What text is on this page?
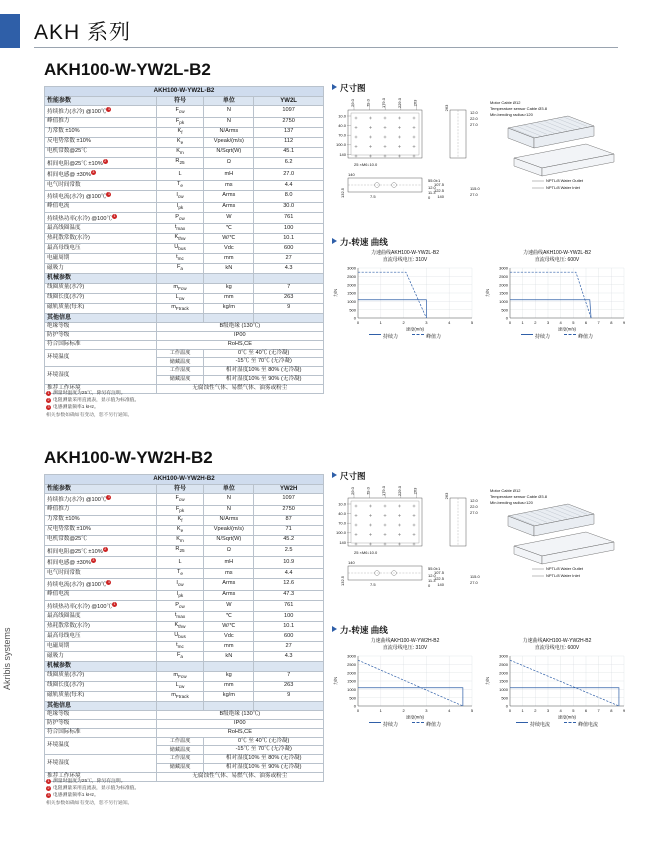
AKH 系列
Akribis systems
AKH100-W-YW2L-B2
AKH100-W-YW2L-B2			
性能参数	符号	单位	YW2L
持续推力(水冷) @100℃ 1	$F_{cw}$	N	1097
峰值推力	$F_{pk}$	N	2750
力常数 ±10%	$K_f$	N/Arms	137
反电势常数 ±10%	$K_e$	Vpeak/(m/s)	112
电机常数@25℃	$K_m$	N/Sqrt(W)	45.1
相间电阻@25℃ ±10% 2	$R_{25}$	Ω	6.2
相间电感@ ±30% 3	L	mH	27.0
电气时间常数	$T_e$	ms	4.4
持续电流(水冷) @100℃ 1	$I_{cw}$	Arms	8.0
峰值电流	$I_{pk}$	Arms	30.0
持续热功率(水冷) @100℃ 1	$P_{cw}$	W	761
最高线圈温度	$t_{max}$	℃	100
热耗散常数(水冷)	$K_{thw}$	W/℃	10.1
最高母线电压	$U_{bus}$	Vdc	600
电磁周期	$t_{mc}$	mm	27
磁吸力	$F_a$	kN	4.3
机械参数			
线圈质量(水冷)	$m_{Fcw}$	kg	7
线圈长度(水冷)	$L_{cw}$	mm	263
磁轨质量(每米)	$m_{Ftrack}$	kg/m	9
其他信息			
绝缘等级	B级绝缘 (130℃)		
防护等级	IP00		
符合国际标准	RoHS,CE		
环境温度	工作温度	0℃ 至 40℃ (无冷凝)	
	储藏温度	-15℃ 至 70℃ (无冷凝)	
环境湿度	工作湿度	相对湿度10% 至 80% (无冷凝)	
	储藏湿度	相对湿度10% 至 90% (无冷凝)	
推荐工作环境	无腐蚀性气体、易燃气体、油雾或粉尘		
1 测量时温度为25℃，除另有注明。
2 电阻测量采用直流表，显示值为标准值。
3 电感测量频率1 kHz。
相关参数如确如有变动，恕不另行通知。
尺寸图
29.0	79.0	179.0	229.0	263
10.0
40.0
70.0
100.0
140
25 ×M6↓10.0
140
132.5	7.5
55.0±1
12.0
11.3
0
263
12.0
22.0
27.0
107.5
122.5
140
115.0
27.0
Motor Cable Ø12
Temperature sensor Cable Ø3.8
Min.bending radius>120
NPTL/8 Water Outlet
NPTL/8 Water Inlet
力-转速 曲线
力速曲线AKH100-W-YW2L-B2
直流母线电压: 310V
0
500
1000
1500
2000
2500
3000
0	1	2	3	4	5
力/N
速度(m/s)
持续力	峰值力
力速曲线AKH100-W-YW2L-B2
直流母线电压: 600V
0
500
1000
1500
2000
2500
3000
0	1	2	3	4	5	6	7	8	9
力/N
速度(m/s)
持续力	峰值力
AKH100-W-YW2H-B2
AKH100-W-YW2H-B2			
性能参数	符号	单位	YW2H
持续推力(水冷) @100℃ 1	$F_{cw}$	N	1097
峰值推力	$F_{pk}$	N	2750
力常数 ±10%	$K_f$	N/Arms	87
反电势常数 ±10%	$K_e$	Vpeak/(m/s)	71
电机常数@25℃	$K_m$	N/Sqrt(W)	45.2
相间电阻@25℃ ±10% 2	$R_{25}$	Ω	2.5
相间电感@ ±30% 3	L	mH	10.9
电气时间常数	$T_e$	ms	4.4
持续电流(水冷) @100℃ 1	$I_{cw}$	Arms	12.6
峰值电流	$I_{pk}$	Arms	47.3
持续热功率(水冷) @100℃ 1	$P_{cw}$	W	761
最高线圈温度	$t_{max}$	℃	100
热耗散常数(水冷)	$K_{thw}$	W/℃	10.1
最高母线电压	$U_{bus}$	Vdc	600
电磁周期	$t_{mc}$	mm	27
磁吸力	$F_a$	kN	4.3
机械参数			
线圈质量(水冷)	$m_{Fcw}$	kg	7
线圈长度(水冷)	$L_{cw}$	mm	263
磁轨质量(每米)	$m_{Ftrack}$	kg/m	9
其他信息			
绝缘等级	B级绝缘 (130℃)		
防护等级	IP00		
符合国际标准	RoHS,CE		
环境温度	工作温度	0℃ 至 40℃ (无冷凝)	
	储藏温度	-15℃ 至 70℃ (无冷凝)	
环境湿度	工作湿度	相对湿度10% 至 80% (无冷凝)	
	储藏湿度	相对湿度10% 至 90% (无冷凝)	
推荐工作环境	无腐蚀性气体、易燃气体、油雾或粉尘		
1 测量时温度为25℃，除另有注明。
2 电阻测量采用直流表，显示值为标准值。
3 电感测量频率1 kHz。
相关参数如确如有变动，恕不另行通知。
尺寸图
29.0	79.0	179.0	229.0	263
10.0
40.0
70.0
100.0
140
25 ×M6↓10.0
140
132.5	7.5
55.0±1
12.0
11.3
0
263
12.0
22.0
27.0
107.5
122.5
140
115.0
27.0
Motor Cable Ø12
Temperature sensor Cable Ø3.8
Min.bending radius>120
NPTL/8 Water Outlet
NPTL/8 Water Inlet
力-转速 曲线
力速曲线AKH100-W-YW2H-B2
直流母线电压: 310V
0
500
1000
1500
2000
2500
3000
0	1	2	3	4	5
力/N
速度(m/s)
持续力	峰值力
力速曲线AKH100-W-YW2H-B2
直流母线电压: 600V
0
500
1000
1500
2000
2500
3000
0	1	2	3	4	5	6	7	8	9
力/N
速度(m/s)
持续电流	峰值电流
